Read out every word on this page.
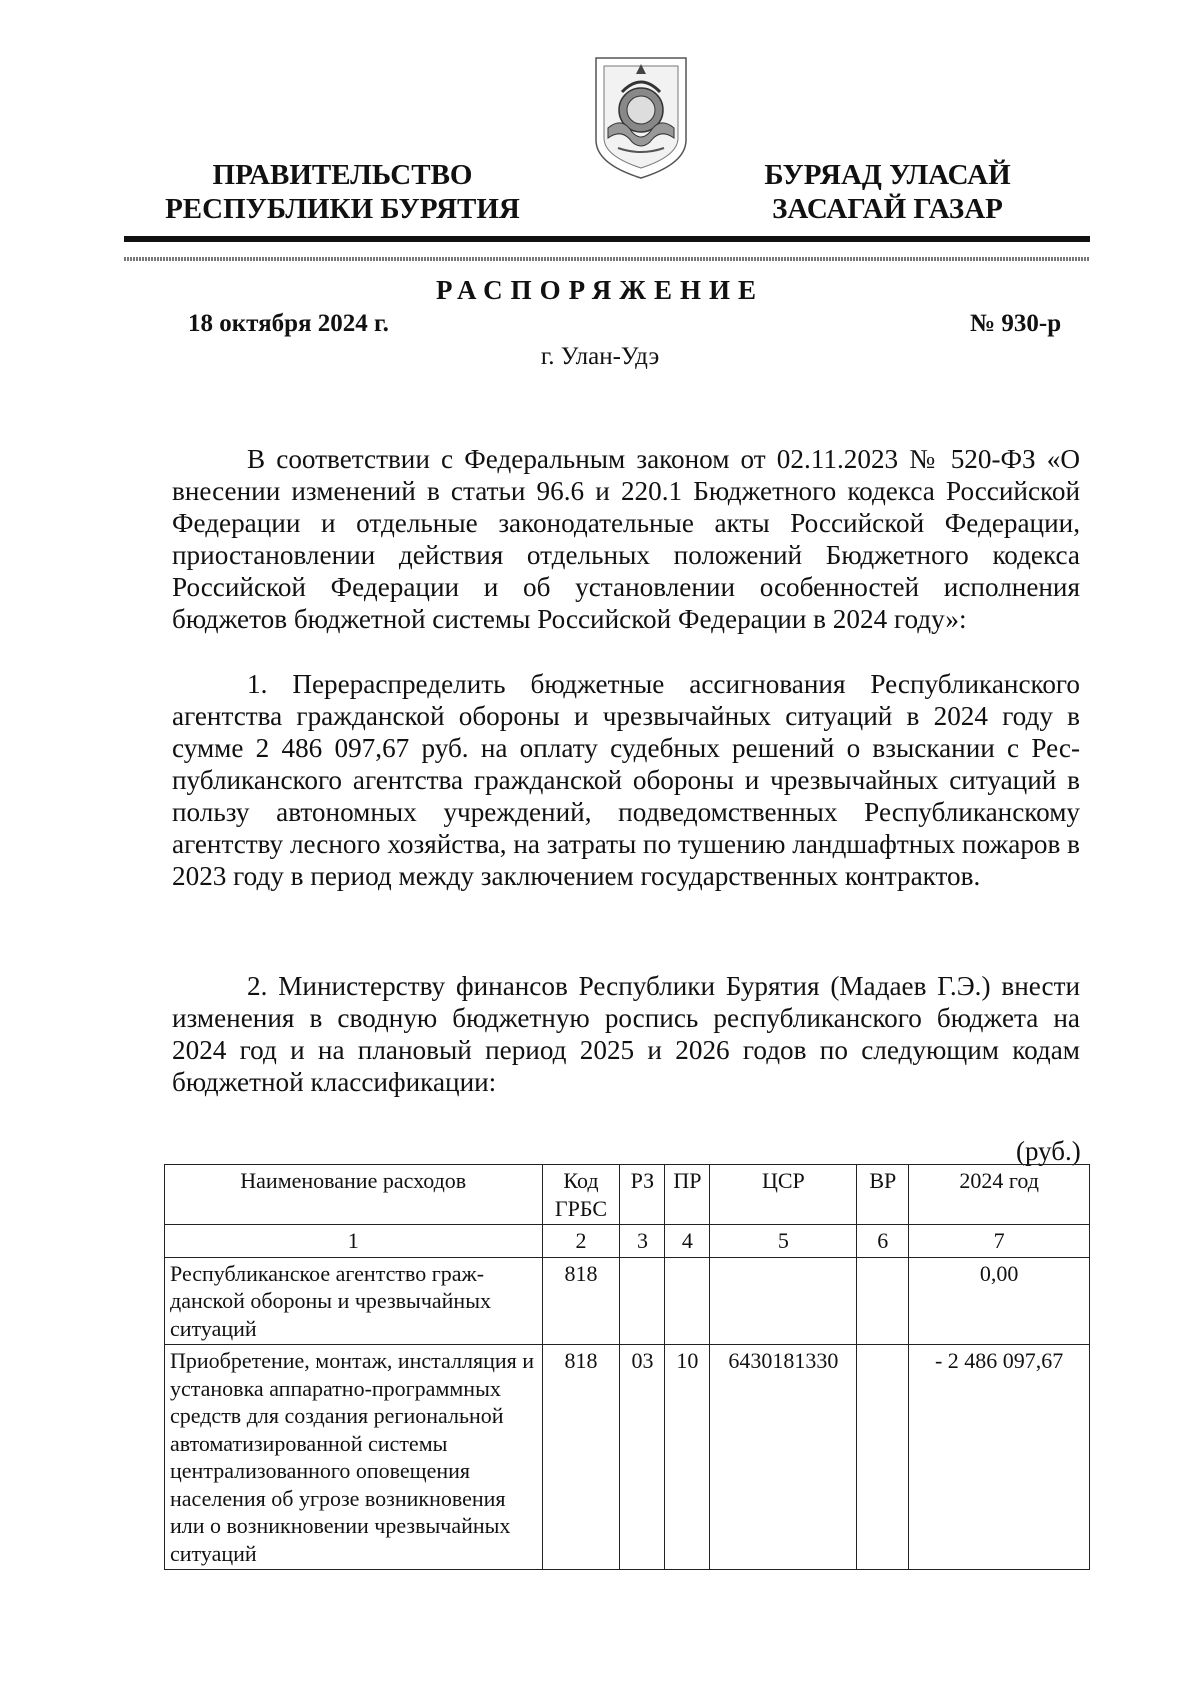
ПРАВИТЕЛЬСТВО
РЕСПУБЛИКИ БУРЯТИЯ
БУРЯАД УЛАСАЙ
ЗАСАГАЙ ГАЗАР
РАСПОРЯЖЕНИЕ
18 октября 2024 г.	№ 930-р
г. Улан-Удэ
В соответствии с Федеральным законом от 02.11.2023 № 520-ФЗ «О внесении изменений в статьи 96.6 и 220.1 Бюджетного кодекса Российской Федерации и отдельные законодательные акты Российской Федерации, приостановлении действия отдельных положений Бюджетного кодекса Российской Федерации и об установлении особенностей исполнения бюджетов бюджетной системы Российской Федерации в 2024 году»:
1. Перераспределить бюджетные ассигнования Республиканского агентства гражданской обороны и чрезвычайных ситуаций в 2024 году в сумме 2 486 097,67 руб. на оплату судебных решений о взыскании с Республиканского агентства гражданской обороны и чрезвычайных ситуаций в пользу автономных учреждений, подведомственных Республиканскому агентству лесного хозяйства, на затраты по тушению ландшафтных пожаров в 2023 году в период между заключением государственных контрактов.
2. Министерству финансов Республики Бурятия (Мадаев Г.Э.) внести изменения в сводную бюджетную роспись республиканского бюджета на 2024 год и на плановый период 2025 и 2026 годов по следующим кодам бюджетной классификации:
(руб.)
Наименование расходов	Код ГРБС	РЗ	ПР	ЦСР	ВР	2024 год
1	2	3	4	5	6	7
Республиканское агентство гражданской обороны и чрезвычайных ситуаций	818					0,00
Приобретение, монтаж, инсталляция и установка аппаратно-программных средств для создания региональной автоматизированной системы централизованного оповещения населения об угрозе возникновения или о возникновении чрезвычайных ситуаций	818	03	10	6430181330		- 2 486 097,67
